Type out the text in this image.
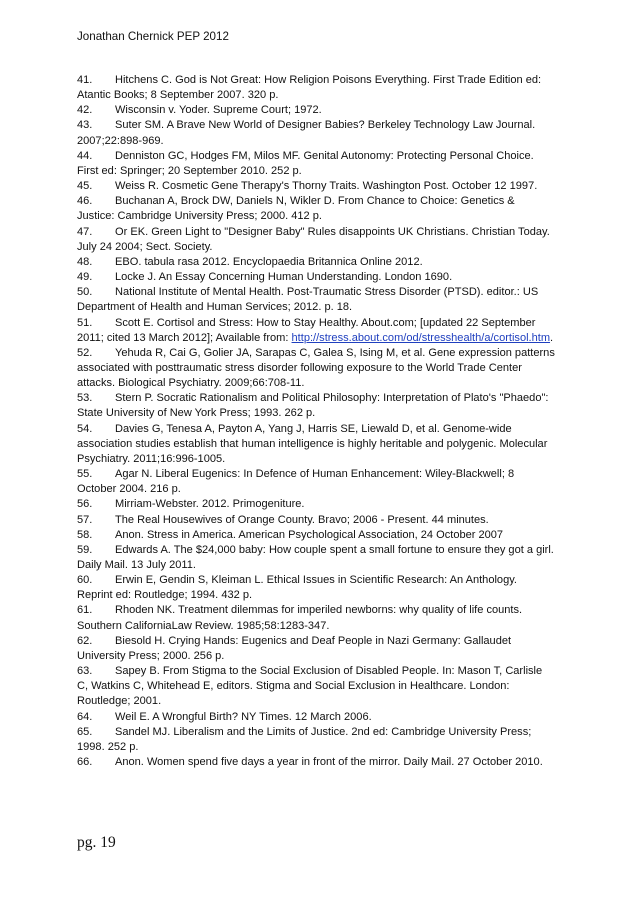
Jonathan Chernick PEP 2012

41. Hitchens C. God is Not Great: How Religion Poisons Everything. First Trade Edition ed: Atantic Books; 8 September 2007. 320 p.

42. Wisconsin v. Yoder. Supreme Court; 1972.

43. Suter SM. A Brave New World of Designer Babies? Berkeley Technology Law Journal. 2007;22:898-969.

44. Denniston GC, Hodges FM, Milos MF. Genital Autonomy: Protecting Personal Choice. First ed: Springer; 20 September 2010. 252 p.

45. Weiss R. Cosmetic Gene Therapy's Thorny Traits. Washington Post. October 12 1997.

46. Buchanan A, Brock DW, Daniels N, Wikler D. From Chance to Choice: Genetics & Justice: Cambridge University Press; 2000. 412 p.

47. Or EK. Green Light to "Designer Baby" Rules disappoints UK Christians. Christian Today. July 24 2004; Sect. Society.

48. EBO. tabula rasa 2012. Encyclopaedia Britannica Online 2012.

49. Locke J. An Essay Concerning Human Understanding. London 1690.

50. National Institute of Mental Health. Post-Traumatic Stress Disorder (PTSD). editor.: US Department of Health and Human Services; 2012. p. 18.

51. Scott E. Cortisol and Stress: How to Stay Healthy. About.com; [updated 22 September 2011; cited 13 March 2012]; Available from: http://stress.about.com/od/stresshealth/a/cortisol.htm.

52. Yehuda R, Cai G, Golier JA, Sarapas C, Galea S, Ising M, et al. Gene expression patterns associated with posttraumatic stress disorder following exposure to the World Trade Center attacks. Biological Psychiatry. 2009;66:708-11.

53. Stern P. Socratic Rationalism and Political Philosophy: Interpretation of Plato's "Phaedo": State University of New York Press; 1993. 262 p.

54. Davies G, Tenesa A, Payton A, Yang J, Harris SE, Liewald D, et al. Genome-wide association studies establish that human intelligence is highly heritable and polygenic. Molecular Psychiatry. 2011;16:996-1005.

55. Agar N. Liberal Eugenics: In Defence of Human Enhancement: Wiley-Blackwell; 8 October 2004. 216 p.

56. Mirriam-Webster. 2012. Primogeniture.

57. The Real Housewives of Orange County. Bravo; 2006 - Present. 44 minutes.

58. Anon. Stress in America. American Psychological Association, 24 October 2007

59. Edwards A. The $24,000 baby: How couple spent a small fortune to ensure they got a girl. Daily Mail. 13 July 2011.

60. Erwin E, Gendin S, Kleiman L. Ethical Issues in Scientific Research: An Anthology. Reprint ed: Routledge; 1994. 432 p.

61. Rhoden NK. Treatment dilemmas for imperiled newborns: why quality of life counts. Southern CaliforniaLaw Review. 1985;58:1283-347.

62. Biesold H. Crying Hands: Eugenics and Deaf People in Nazi Germany: Gallaudet University Press; 2000. 256 p.

63. Sapey B. From Stigma to the Social Exclusion of Disabled People. In: Mason T, Carlisle C, Watkins C, Whitehead E, editors. Stigma and Social Exclusion in Healthcare. London: Routledge; 2001.

64. Weil E. A Wrongful Birth? NY Times. 12 March 2006.

65. Sandel MJ. Liberalism and the Limits of Justice. 2nd ed: Cambridge University Press; 1998. 252 p.

66. Anon. Women spend five days a year in front of the mirror. Daily Mail. 27 October 2010.

pg. 19
